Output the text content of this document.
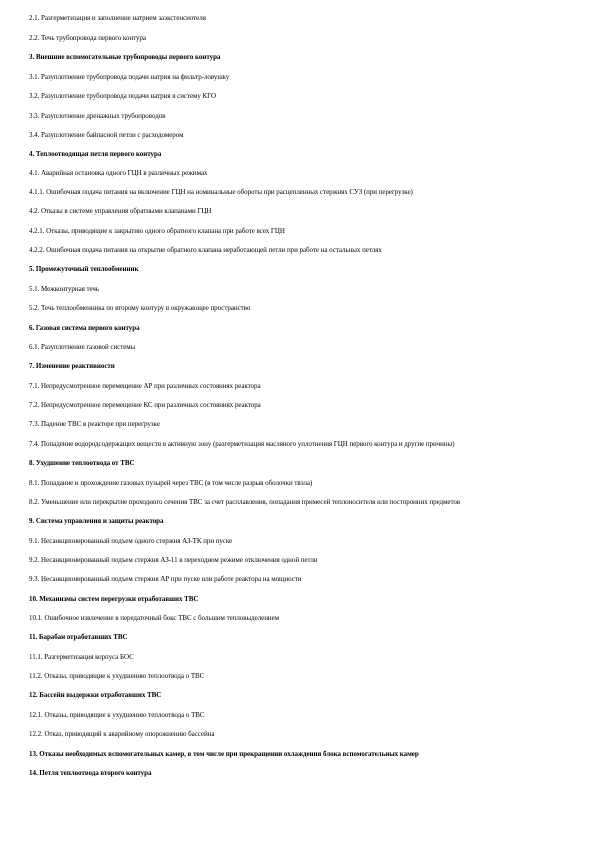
2.1. Разгерметизация и заполнение натрием заэкстенсиотеля
2.2. Течь трубопровода первого контура
3. Внешние вспомогательные трубопроводы первого контура
3.1. Разуплотнение трубопровода подачи натрия на фильтр-ловушку
3.2. Разуплотнение трубопровода подачи натрия в систему КГО
3.3. Разуплотнение дренажных трубопроводов
3.4. Разуплотнение байпасной петли с расходомером
4. Теплоотводящая петля первого контура
4.1. Аварийная остановка одного ГЦН в различных режимах
4.1.1. Ошибочная подача питания на включение ГЦН на номинальные обороты при расцепленных стержнях СУЗ (при перегрузке)
4.2. Отказы в системе управления обратными клапанами ГЦН
4.2.1. Отказы, приводящие к закрытию одного обратного клапана при работе всех ГЦН
4.2.2. Ошибочная подача питания на открытие обратного клапана неработающей петли при работе на остальных петлях
5. Промежуточный теплообменник
5.1. Межконтурная течь
5.2. Течь теплообменника по второму контуру в окружающее пространство
6. Газовая система первого контура
6.1. Разуплотнение газовой системы
7. Изменение реактивности
7.1. Непредусмотренное перемещение АР при различных состояниях реактора
7.2. Непредусмотренное перемещение КС при различных состояниях реактора
7.3. Падение ТВС в реакторе при перегрузке
7.4. Попадение водородсодержащих веществ в активную зону (разгерметизация масляного уплотнения ГЦН первого контура и другие причины)
8. Ухудшение теплоотвода от ТВС
8.1. Попадание и прохождение газовых пузырей через ТВС (в том числе разрыв оболочки твэла)
8.2. Уменьшение или перекрытие проходного сечения ТВС за счет расплавления, попадания примесей теплоносителя или посторонних предметов
9. Система управления и защиты реактора
9.1. Несанкционированный подъем одного стержня АЗ-ТК при пуске
9.2. Несанкционированный подъем стержня АЗ-11 в переходном режиме отключения одной петли
9.3. Несанкционированный подъем стержня АР при пуске или работе реактора на мощности
10. Механизмы систем перегрузки отработавших ТВС
10.1. Ошибочное извлечение в передаточный бокс ТВС с большим тепловыделением
11. Барабан отработавших ТВС
11.1. Разгерметизация корпуса БОС
11.2. Отказы, приводящие к ухудшению теплоотвода о ТВС
12. Бассейн выдержки отработавших ТВС
12.1. Отказы, приводящие к ухудшению теплоотвода о ТВС
12.2. Отказ, приводящий к аварийному опорожнению бассейна
13. Отказы необходимых вспомогательных камер, в том числе при прекращении охлаждения блока вспомогательных камер
14. Петля теплоотвода второго контура
